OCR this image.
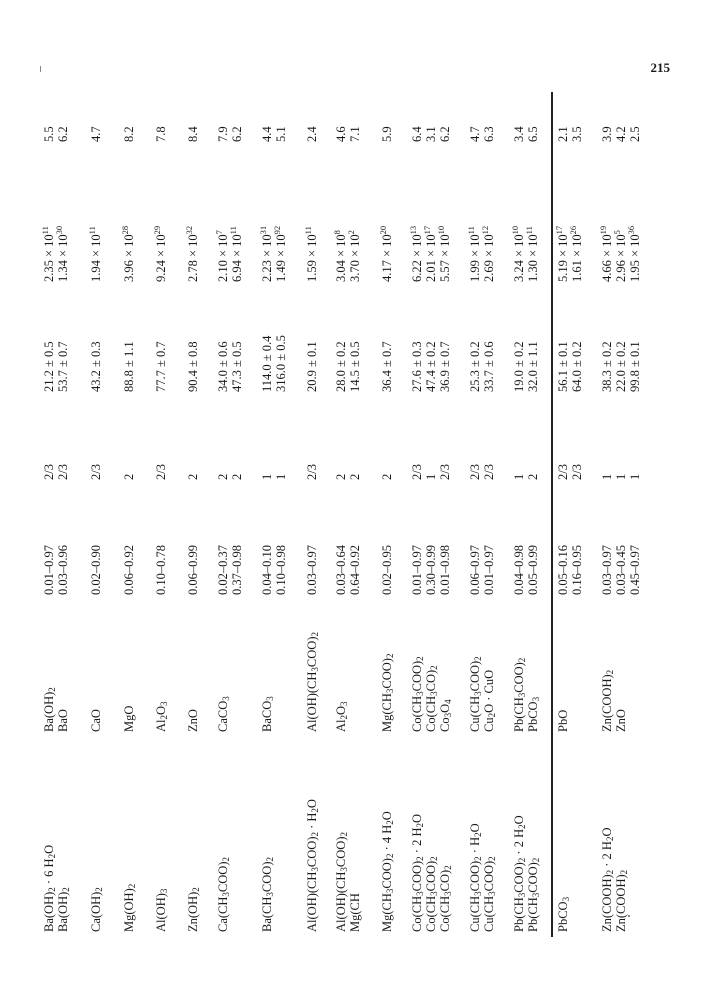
215
$Ba(OH)_2 \cdot 6$ $H_2O$
$Ba(OH)_2$
0.01–0.97
2/3
21.2 ± 0.5
$2.35 \times 10^{11}$
5.5
$Ba(OH)_2$
BaO
0.03–0.96
2/3
53.7 ± 0.7
$1.34 \times 10^{30}$
6.2
$Ca(OH)_2$
CaO
0.02–0.90
2/3
43.2 ± 0.3
$1.94 \times 10^{11}$
4.7
$Mg(OH)_2$
MgO
0.06–0.92
2
88.8 ± 1.1
$3.96 \times 10^{28}$
8.2
$Al(OH)_3$
$Al_2O_3$
0.10–0.78
2/3
77.7 ± 0.7
$9.24 \times 10^{29}$
7.8
$Zn(OH)_2$
ZnO
0.06–0.99
2
90.4 ± 0.8
$2.78 \times 10^{32}$
8.4
$Ca(CH_3COO)_2$
CaCO$_3$
0.02–0.37
2
34.0 ± 0.6
$2.10 \times 10^7$
7.9
0.37–0.98
2
47.3 ± 0.5
$6.94 \times 10^{11}$
6.2
$Ba(CH_3COO)_2$
BaCO$_3$
0.04–0.10
1
114.0 ± 0.4
$2.23 \times 10^{31}$
4.4
0.10–0.98
1
316.0 ± 0.5
$1.49 \times 10^{92}$
5.1
$Al(OH)(CH_3COO)_2 \cdot H_2O$
$Al(OH)(CH_3COO)_2$
0.03–0.97
2/3
20.9 ± 0.1
$1.59 \times 10^{11}$
2.4
$Al(OH)(CH_3COO)_2$
$Al_2O_3$
0.03–0.64
2
28.0 ± 0.2
$3.04 \times 10^8$
4.6
Mg(CH
0.64–0.92
2
14.5 ± 0.5
$3.70 \times 10^2$
7.1
$Mg(CH_3COO)_2 \cdot 4$ $H_2O$
$Mg(CH_3COO)_2$
0.02–0.95
2
36.4 ± 0.7
$4.17 \times 10^{20}$
5.9
$Co(CH_3COO)_2 \cdot 2$ $H_2O$
$Co(CH_3COO)_2$
0.01–0.97
2/3
27.6 ± 0.3
$6.22 \times 10^{13}$
6.4
$Co(CH_3COO)_2$
$Co(CH_3CO)_2$
0.30–0.99
1
47.4 ± 0.2
$2.01 \times 10^{17}$
3.1
$Co(CH_3CO)_2$
$Co_3O_4$
0.01–0.98
2/3
36.9 ± 0.7
$5.57 \times 10^{10}$
6.2
$Cu(CH_3COO)_2 \cdot H_2O$
$Cu(CH_3COO)_2$
0.06–0.97
2/3
25.3 ± 0.2
$1.99 \times 10^{11}$
4.7
$Cu(CH_3COO)_2$
$Cu_2O$ · CuO
0.01–0.97
2/3
33.7 ± 0.6
$2.69 \times 10^{12}$
6.3
$Pb(CH_3COO)_2 \cdot 2$ $H_2O$
$Pb(CH_3COO)_2$
0.04–0.98
1
19.0 ± 0.2
$3.24 \times 10^{10}$
3.4
$Pb(CH_3COO)_2$
PbCO$_3$
0.05–0.99
2
32.0 ± 1.1
$1.30 \times 10^{11}$
6.5
PbCO$_3$
PbO
0.05–0.16
2/3
56.1 ± 0.1
$5.19 \times 10^{17}$
2.1
0.16–0.95
2/3
64.0 ± 0.2
$1.61 \times 10^{26}$
3.5
$Zn(COOH)_2 \cdot 2$ $H_2O$
$Zn(COOH)_2$
0.03–0.97
1
38.3 ± 0.2
$4.66 \times 10^{19}$
3.9
$Zn(COOH)_2$
ZnO
0.03–0.45
1
22.0 ± 0.2
$2.96 \times 10^5$
4.2
0.45–0.97
1
99.8 ± 0.1
$1.95 \times 10^{36}$
2.5
